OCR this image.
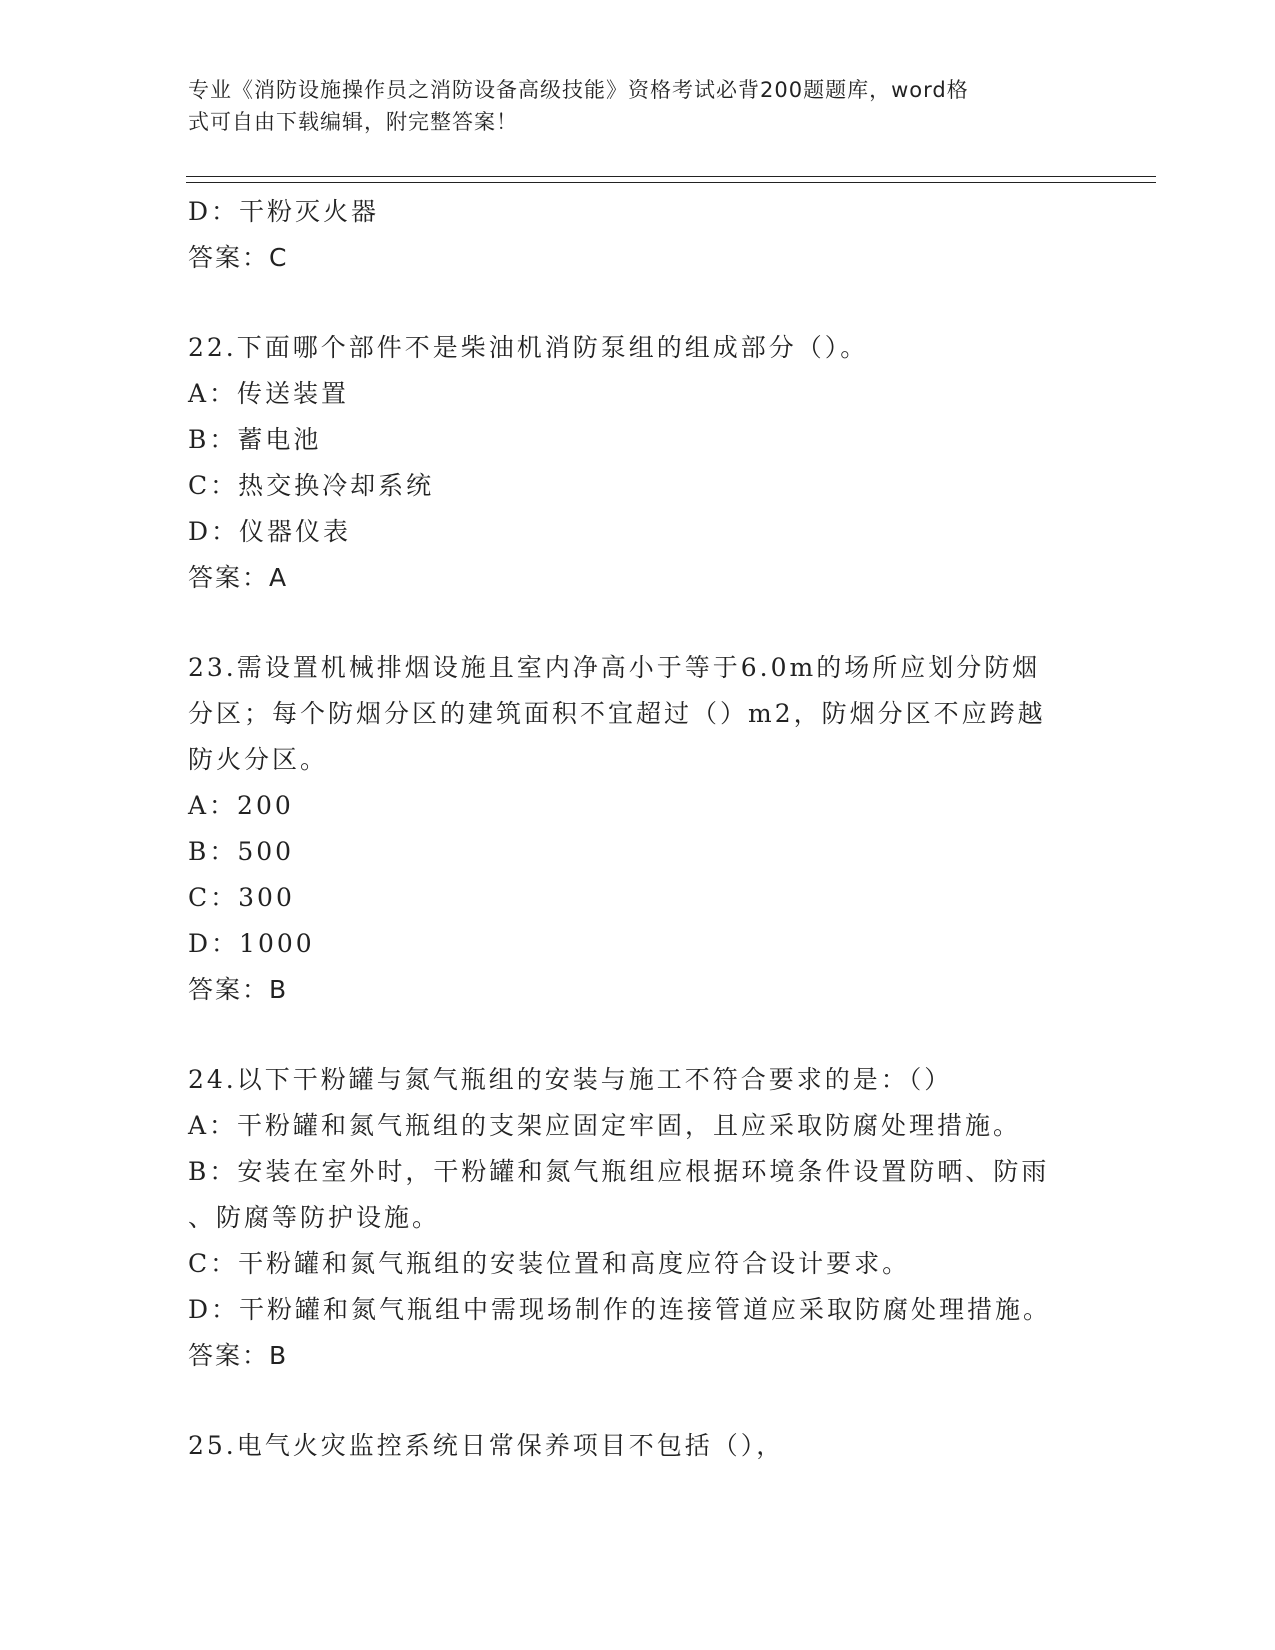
专业《消防设施操作员之消防设备高级技能》资格考试必背200题题库，word格
式可自由下载编辑，附完整答案！
D：干粉灭火器
答案：C
22.下面哪个部件不是柴油机消防泵组的组成部分（）。
A：传送装置
B：蓄电池
C：热交换冷却系统
D：仪器仪表
答案：A
23.需设置机械排烟设施且室内净高小于等于6.0m的场所应划分防烟
分区；每个防烟分区的建筑面积不宜超过（）m2，防烟分区不应跨越
防火分区。
A：200
B：500
C：300
D：1000
答案：B
24.以下干粉罐与氮气瓶组的安装与施工不符合要求的是：（）
A：干粉罐和氮气瓶组的支架应固定牢固，且应采取防腐处理措施。
B：安装在室外时，干粉罐和氮气瓶组应根据环境条件设置防晒、防雨
、防腐等防护设施。
C：干粉罐和氮气瓶组的安装位置和高度应符合设计要求。
D：干粉罐和氮气瓶组中需现场制作的连接管道应采取防腐处理措施。
答案：B
25.电气火灾监控系统日常保养项目不包括（），
